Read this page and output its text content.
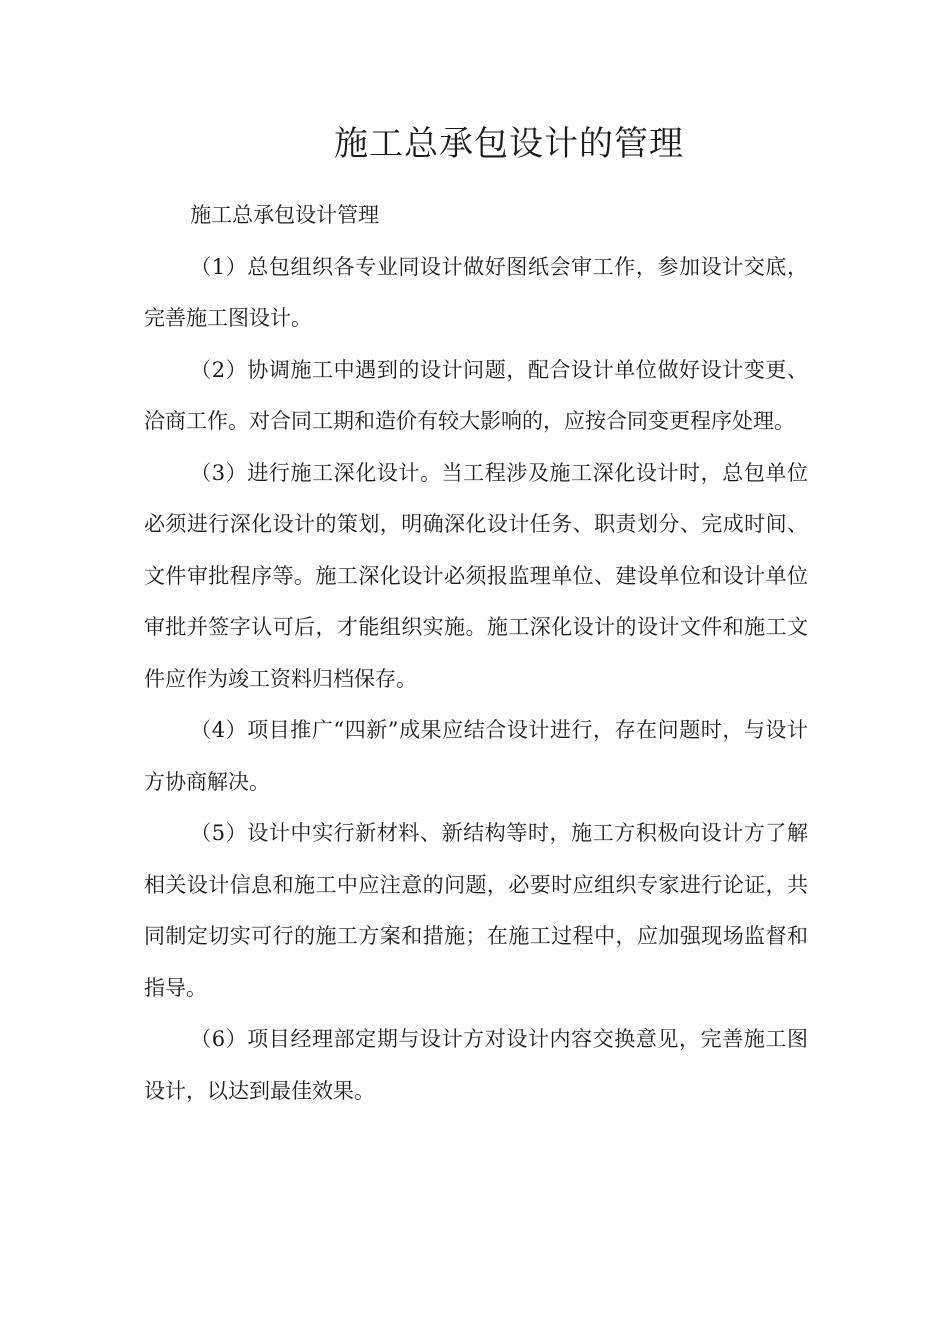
施工总承包设计的管理

施工总承包设计管理

（1）总包组织各专业同设计做好图纸会审工作，参加设计交底，完善施工图设计。

（2）协调施工中遇到的设计问题，配合设计单位做好设计变更、洽商工作。对合同工期和造价有较大影响的，应按合同变更程序处理。

（3）进行施工深化设计。当工程涉及施工深化设计时，总包单位必须进行深化设计的策划，明确深化设计任务、职责划分、完成时间、文件审批程序等。施工深化设计必须报监理单位、建设单位和设计单位审批并签字认可后，才能组织实施。施工深化设计的设计文件和施工文件应作为竣工资料归档保存。

（4）项目推广“四新”成果应结合设计进行，存在问题时，与设计方协商解决。

（5）设计中实行新材料、新结构等时，施工方积极向设计方了解相关设计信息和施工中应注意的问题，必要时应组织专家进行论证，共同制定切实可行的施工方案和措施；在施工过程中，应加强现场监督和指导。

（6）项目经理部定期与设计方对设计内容交换意见，完善施工图设计，以达到最佳效果。
